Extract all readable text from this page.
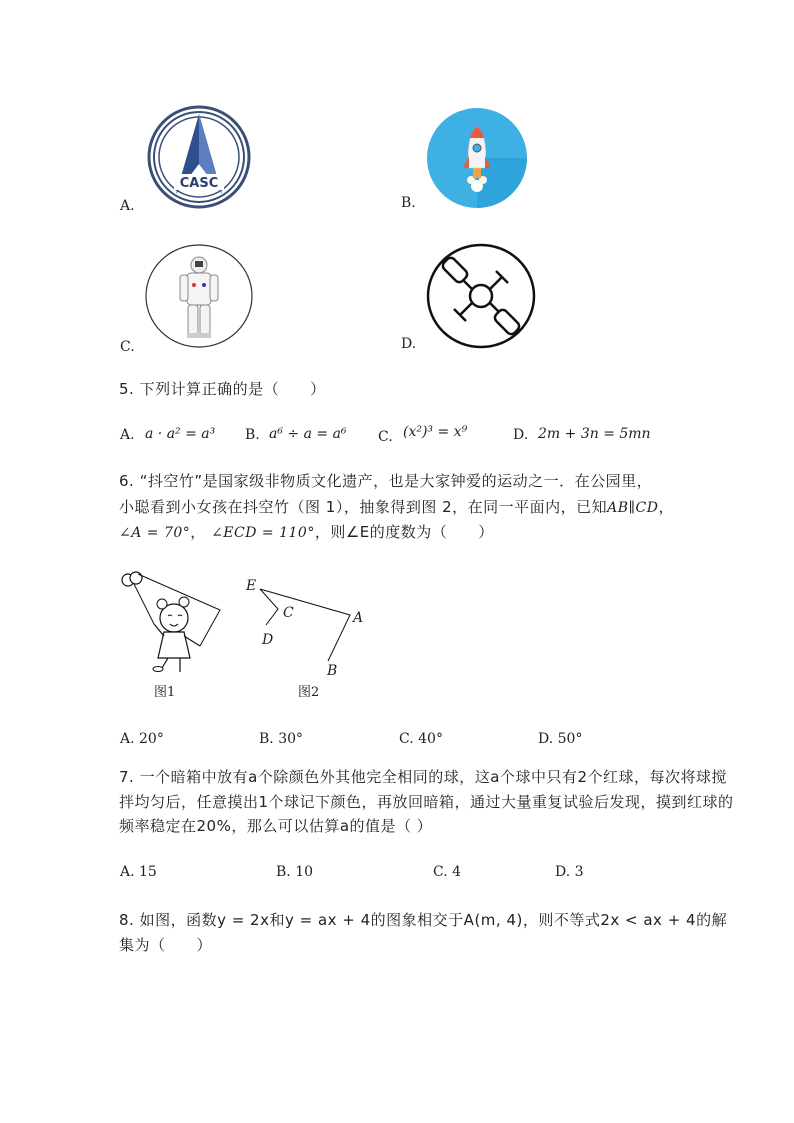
A.
CASC
B.
C.	D.
5. 下列计算正确的是（　　）
A. a · a² = a³ B. a⁶ ÷ a = a⁶ C. (x²)³ = x⁹	D. 2m + 3n = 5mn
6. “抖空竹”是国家级非物质文化遗产，也是大家钟爱的运动之一．在公园里，
小聪看到小女孩在抖空竹（图 1），抽象得到图 2，在同一平面内，已知AB∥CD，
∠A = 70°， ∠ECD = 110°，则∠E的度数为（　　）
图1
E
C
D
A
B
图2
A. 20°	B. 30°	C. 40°	D. 50°
7. 一个暗箱中放有a个除颜色外其他完全相同的球，这a个球中只有2个红球，每次将球搅
拌均匀后，任意摸出1个球记下颜色，再放回暗箱，通过大量重复试验后发现，摸到红球的
频率稳定在20%，那么可以估算a的值是（ ）
A. 15	B. 10	C. 4	D. 3
8. 如图，函数y = 2x和y = ax + 4的图象相交于A(m, 4)，则不等式2x < ax + 4的解
集为（　　）
